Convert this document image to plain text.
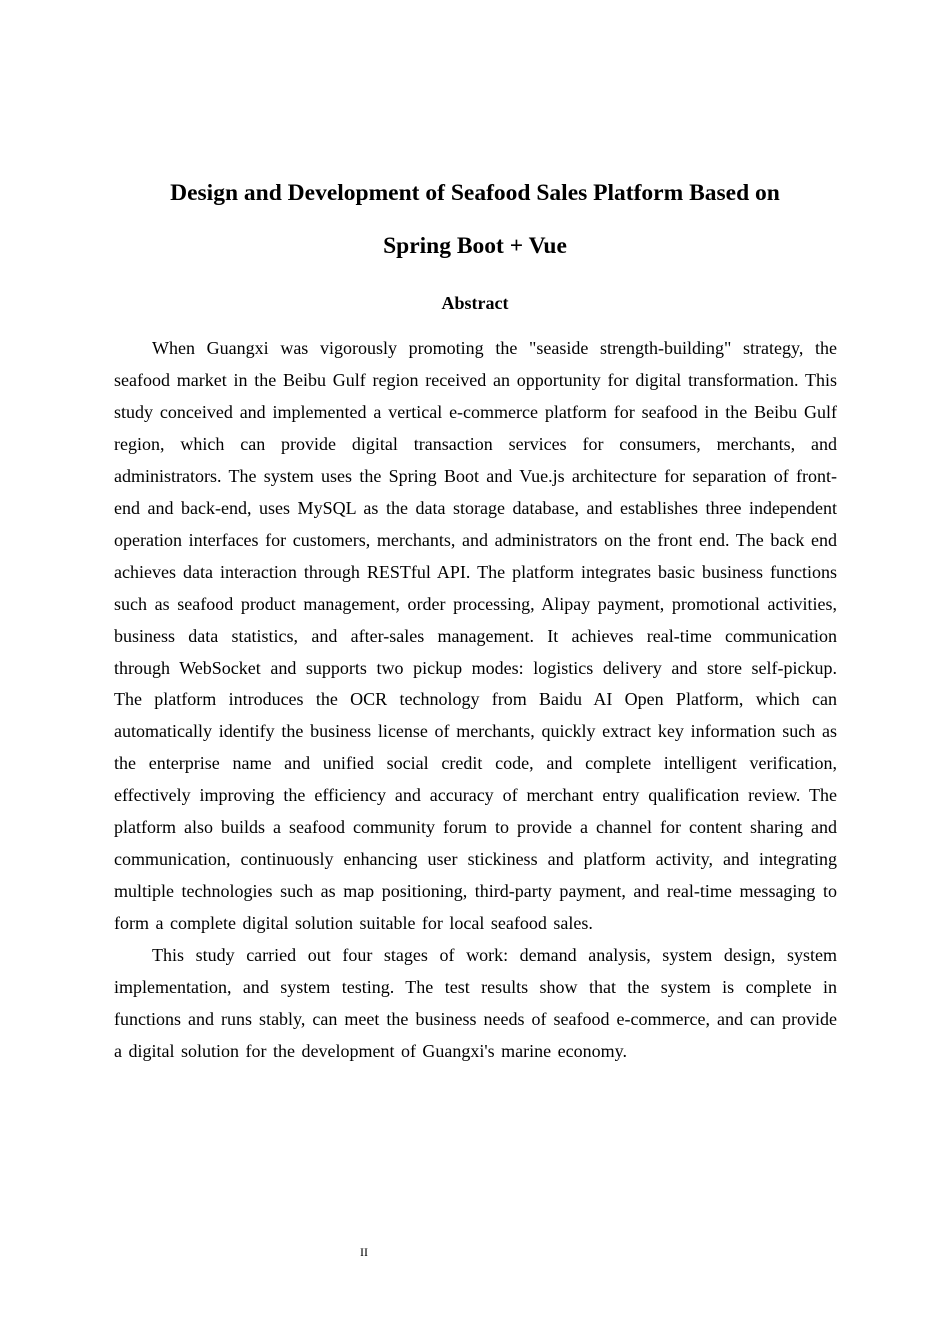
Design and Development of Seafood Sales Platform Based on
Spring Boot + Vue
Abstract

When Guangxi was vigorously promoting the "seaside strength-building" strategy, the seafood market in the Beibu Gulf region received an opportunity for digital transformation. This study conceived and implemented a vertical e-commerce platform for seafood in the Beibu Gulf region, which can provide digital transaction services for consumers, merchants, and administrators. The system uses the Spring Boot and Vue.js architecture for separation of front-end and back-end, uses MySQL as the data storage database, and establishes three independent operation interfaces for customers, merchants, and administrators on the front end. The back end achieves data interaction through RESTful API. The platform integrates basic business functions such as seafood product management, order processing, Alipay payment, promotional activities, business data statistics, and after-sales management. It achieves real-time communication through WebSocket and supports two pickup modes: logistics delivery and store self-pickup. The platform introduces the OCR technology from Baidu AI Open Platform, which can automatically identify the business license of merchants, quickly extract key information such as the enterprise name and unified social credit code, and complete intelligent verification, effectively improving the efficiency and accuracy of merchant entry qualification review. The platform also builds a seafood community forum to provide a channel for content sharing and communication, continuously enhancing user stickiness and platform activity, and integrating multiple technologies such as map positioning, third-party payment, and real-time messaging to form a complete digital solution suitable for local seafood sales.

This study carried out four stages of work: demand analysis, system design, system implementation, and system testing. The test results show that the system is complete in functions and runs stably, can meet the business needs of seafood e-commerce, and can provide a digital solution for the development of Guangxi's marine economy.

II
